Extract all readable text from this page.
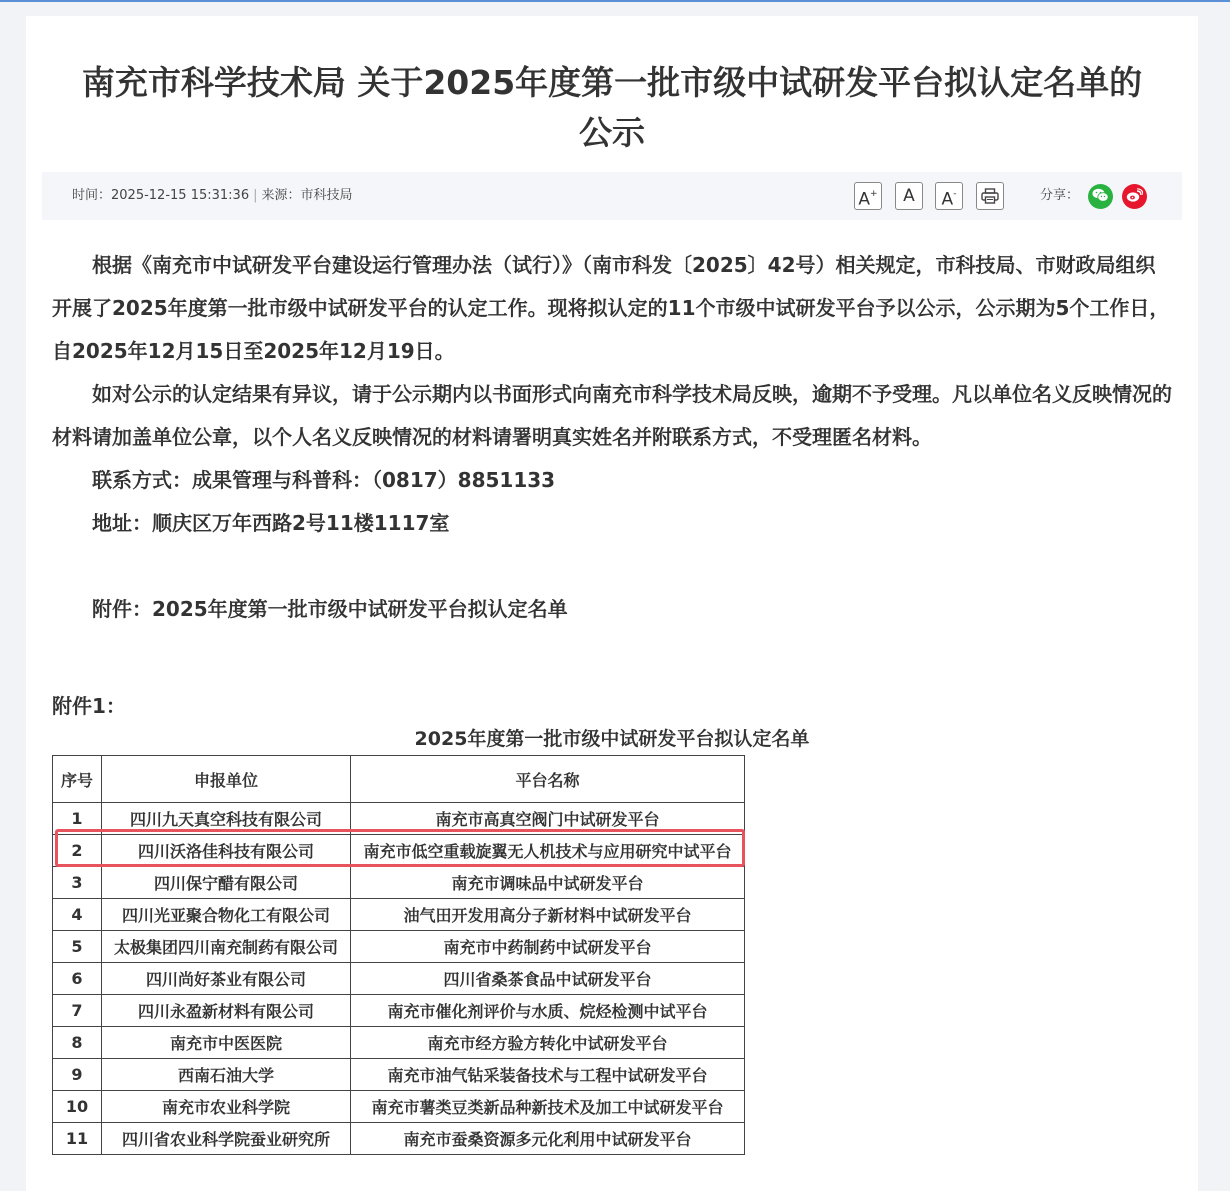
南充市科学技术局 关于2025年度第一批市级中试研发平台拟认定名单的公示
时间：2025-12-15 15:31:36 | 来源：市科技局	A+	A	A-	分享：

根据《南充市中试研发平台建设运行管理办法（试行）》（南市科发〔2025〕42号）相关规定，市科技局、市财政局组织开展了2025年度第一批市级中试研发平台的认定工作。现将拟认定的11个市级中试研发平台予以公示，公示期为5个工作日，自2025年12月15日至2025年12月19日。

如对公示的认定结果有异议，请于公示期内以书面形式向南充市科学技术局反映，逾期不予受理。凡以单位名义反映情况的材料请加盖单位公章，以个人名义反映情况的材料请署明真实姓名并附联系方式，不受理匿名材料。

联系方式：成果管理与科普科：（0817）8851133

地址：顺庆区万年西路2号11楼1117室

附件：2025年度第一批市级中试研发平台拟认定名单

附件1：
2025年度第一批市级中试研发平台拟认定名单
序号	申报单位	平台名称
1	四川九天真空科技有限公司	南充市高真空阀门中试研发平台
2	四川沃洛佳科技有限公司	南充市低空重载旋翼无人机技术与应用研究中试平台
3	四川保宁醋有限公司	南充市调味品中试研发平台
4	四川光亚聚合物化工有限公司	油气田开发用高分子新材料中试研发平台
5	太极集团四川南充制药有限公司	南充市中药制药中试研发平台
6	四川尚好茶业有限公司	四川省桑茶食品中试研发平台
7	四川永盈新材料有限公司	南充市催化剂评价与水质、烷烃检测中试平台
8	南充市中医医院	南充市经方验方转化中试研发平台
9	西南石油大学	南充市油气钻采装备技术与工程中试研发平台
10	南充市农业科学院	南充市薯类豆类新品种新技术及加工中试研发平台
11	四川省农业科学院蚕业研究所	南充市蚕桑资源多元化利用中试研发平台
